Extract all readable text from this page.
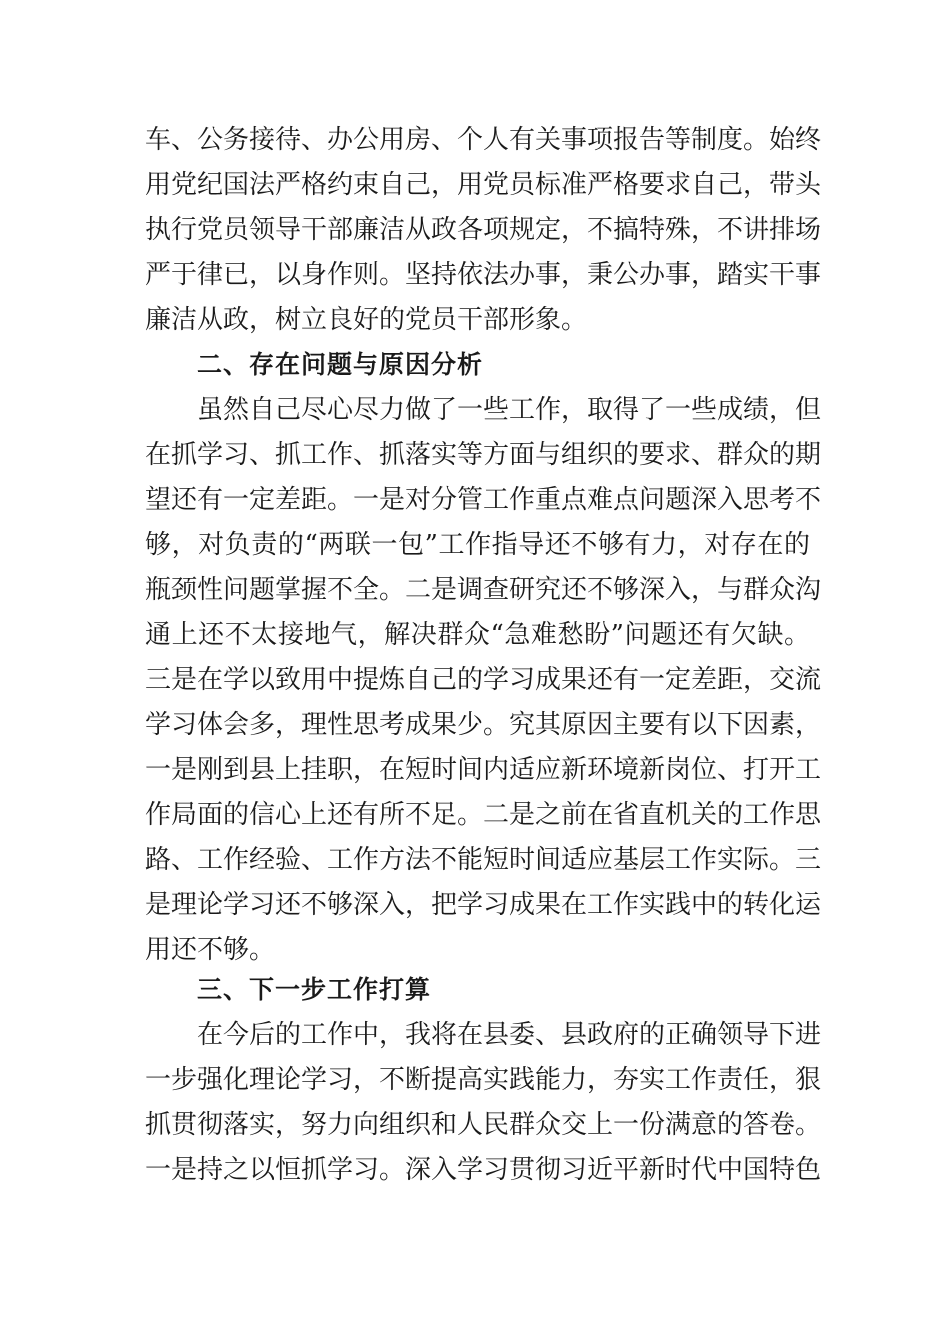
车、公务接待、办公用房、个人有关事项报告等制度。始终
用党纪国法严格约束自己，用党员标准严格要求自己，带头
执行党员领导干部廉洁从政各项规定，不搞特殊，不讲排场
严于律已，以身作则。坚持依法办事，秉公办事，踏实干事
廉洁从政，树立良好的党员干部形象。
二、存在问题与原因分析
虽然自己尽心尽力做了一些工作，取得了一些成绩，但
在抓学习、抓工作、抓落实等方面与组织的要求、群众的期
望还有一定差距。一是对分管工作重点难点问题深入思考不
够，对负责的“两联一包”工作指导还不够有力，对存在的
瓶颈性问题掌握不全。二是调查研究还不够深入，与群众沟
通上还不太接地气，解决群众“急难愁盼”问题还有欠缺。
三是在学以致用中提炼自己的学习成果还有一定差距，交流
学习体会多，理性思考成果少。究其原因主要有以下因素，
一是刚到县上挂职，在短时间内适应新环境新岗位、打开工
作局面的信心上还有所不足。二是之前在省直机关的工作思
路、工作经验、工作方法不能短时间适应基层工作实际。三
是理论学习还不够深入，把学习成果在工作实践中的转化运
用还不够。
三、下一步工作打算
在今后的工作中，我将在县委、县政府的正确领导下进
一步强化理论学习，不断提高实践能力，夯实工作责任，狠
抓贯彻落实，努力向组织和人民群众交上一份满意的答卷。
一是持之以恒抓学习。深入学习贯彻习近平新时代中国特色
